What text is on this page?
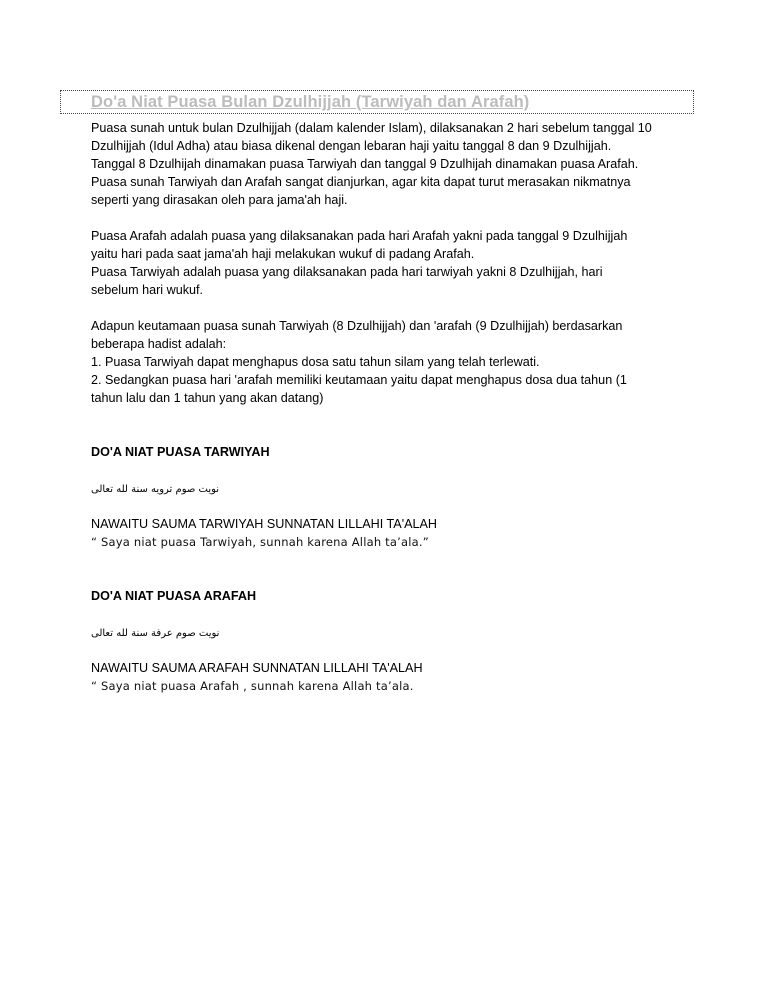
Do'a Niat Puasa Bulan Dzulhijjah (Tarwiyah dan Arafah)

Puasa sunah untuk bulan Dzulhijjah (dalam kalender Islam), dilaksanakan 2 hari sebelum tanggal 10

Dzulhijjah (Idul Adha) atau biasa dikenal dengan lebaran haji yaitu tanggal 8 dan 9 Dzulhijjah.

Tanggal 8 Dzulhijah dinamakan puasa Tarwiyah dan tanggal 9 Dzulhijah dinamakan puasa Arafah.

Puasa sunah Tarwiyah dan Arafah sangat dianjurkan, agar kita dapat turut merasakan nikmatnya

seperti yang dirasakan oleh para jama'ah haji.

Puasa Arafah adalah puasa yang dilaksanakan pada hari Arafah yakni pada tanggal 9 Dzulhijjah

yaitu hari pada saat jama'ah haji melakukan wukuf di padang Arafah.

Puasa Tarwiyah adalah puasa yang dilaksanakan pada hari tarwiyah yakni 8 Dzulhijjah, hari

sebelum hari wukuf.

Adapun keutamaan puasa sunah Tarwiyah (8 Dzulhijjah) dan 'arafah (9 Dzulhijjah) berdasarkan

beberapa hadist adalah:

1. Puasa Tarwiyah dapat menghapus dosa satu tahun silam yang telah terlewati.

2. Sedangkan puasa hari 'arafah memiliki keutamaan yaitu dapat menghapus dosa dua tahun (1

tahun lalu dan 1 tahun yang akan datang)

DO'A NIAT PUASA TARWIYAH

نويت صوم ترويه سنة لله تعالى

NAWAITU SAUMA TARWIYAH SUNNATAN LILLAHI TA'ALAH

“ Saya niat puasa Tarwiyah, sunnah karena Allah ta’ala.”

DO'A NIAT PUASA ARAFAH

نويت صوم عرفة سنة لله تعالى

NAWAITU SAUMA ARAFAH SUNNATAN LILLAHI TA'ALAH

“ Saya niat puasa Arafah , sunnah karena Allah ta’ala.
